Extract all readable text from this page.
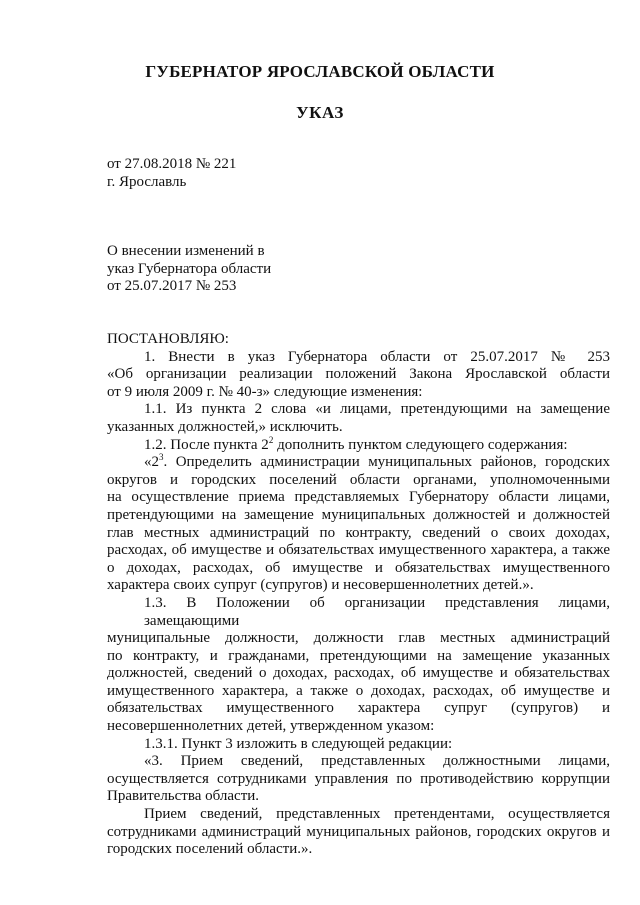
ГУБЕРНАТОР ЯРОСЛАВСКОЙ ОБЛАСТИ
УКАЗ
от 27.08.2018 № 221
г. Ярославль
О внесении изменений в
указ Губернатора области
от 25.07.2017 № 253
ПОСТАНОВЛЯЮ:
1. Внести в указ Губернатора области от 25.07.2017 № 253
«Об организации реализации положений Закона Ярославской области
от 9 июля 2009 г. № 40-з» следующие изменения:
1.1. Из пункта 2 слова «и лицами, претендующими на замещение
указанных должностей,» исключить.
1.2. После пункта $2^2$ дополнить пунктом следующего содержания:
«$2^3$. Определить администрации муниципальных районов, городских
округов и городских поселений области органами, уполномоченными
на осуществление приема представляемых Губернатору области лицами,
претендующими на замещение муниципальных должностей и должностей
глав местных администраций по контракту, сведений о своих доходах,
расходах, об имуществе и обязательствах имущественного характера, а также
о доходах, расходах, об имуществе и обязательствах имущественного
характера своих супруг (супругов) и несовершеннолетних детей.».
1.3. В Положении об организации представления лицами, замещающими
муниципальные должности, должности глав местных администраций
по контракту, и гражданами, претендующими на замещение указанных
должностей, сведений о доходах, расходах, об имуществе и обязательствах
имущественного характера, а также о доходах, расходах, об имуществе и
обязательствах имущественного характера супруг (супругов) и
несовершеннолетних детей, утвержденном указом:
1.3.1. Пункт 3 изложить в следующей редакции:
«3. Прием сведений, представленных должностными лицами,
осуществляется сотрудниками управления по противодействию коррупции
Правительства области.
Прием сведений, представленных претендентами, осуществляется
сотрудниками администраций муниципальных районов, городских округов и
городских поселений области.».
